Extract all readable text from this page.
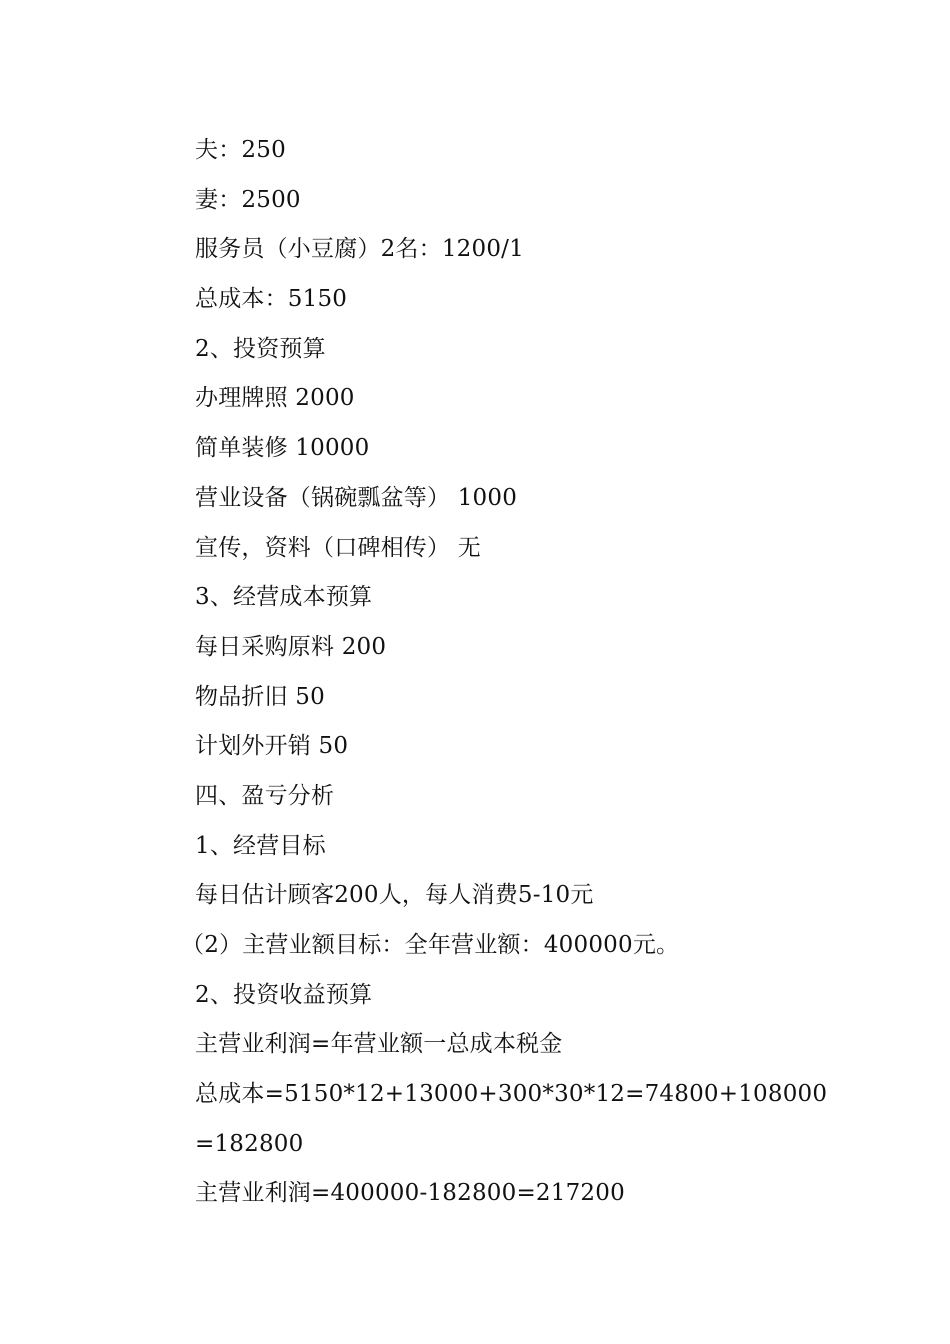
夫：250
妻：2500
服务员（小豆腐）2名：1200/1
总成本：5150
2、投资预算
办理牌照 2000
简单装修 10000
营业设备（锅碗瓢盆等） 1000
宣传，资料（口碑相传） 无
3、经营成本预算
每日采购原料 200
物品折旧 50
计划外开销 50
四、盈亏分析
1、经营目标
每日估计顾客200人，每人消费5-10元
（2）主营业额目标：全年营业额：400000元。
2、投资收益预算
主营业利润=年营业额一总成本税金
总成本=5150*12+13000+300*30*12=74800+108000
=182800
主营业利润=400000-182800=217200
